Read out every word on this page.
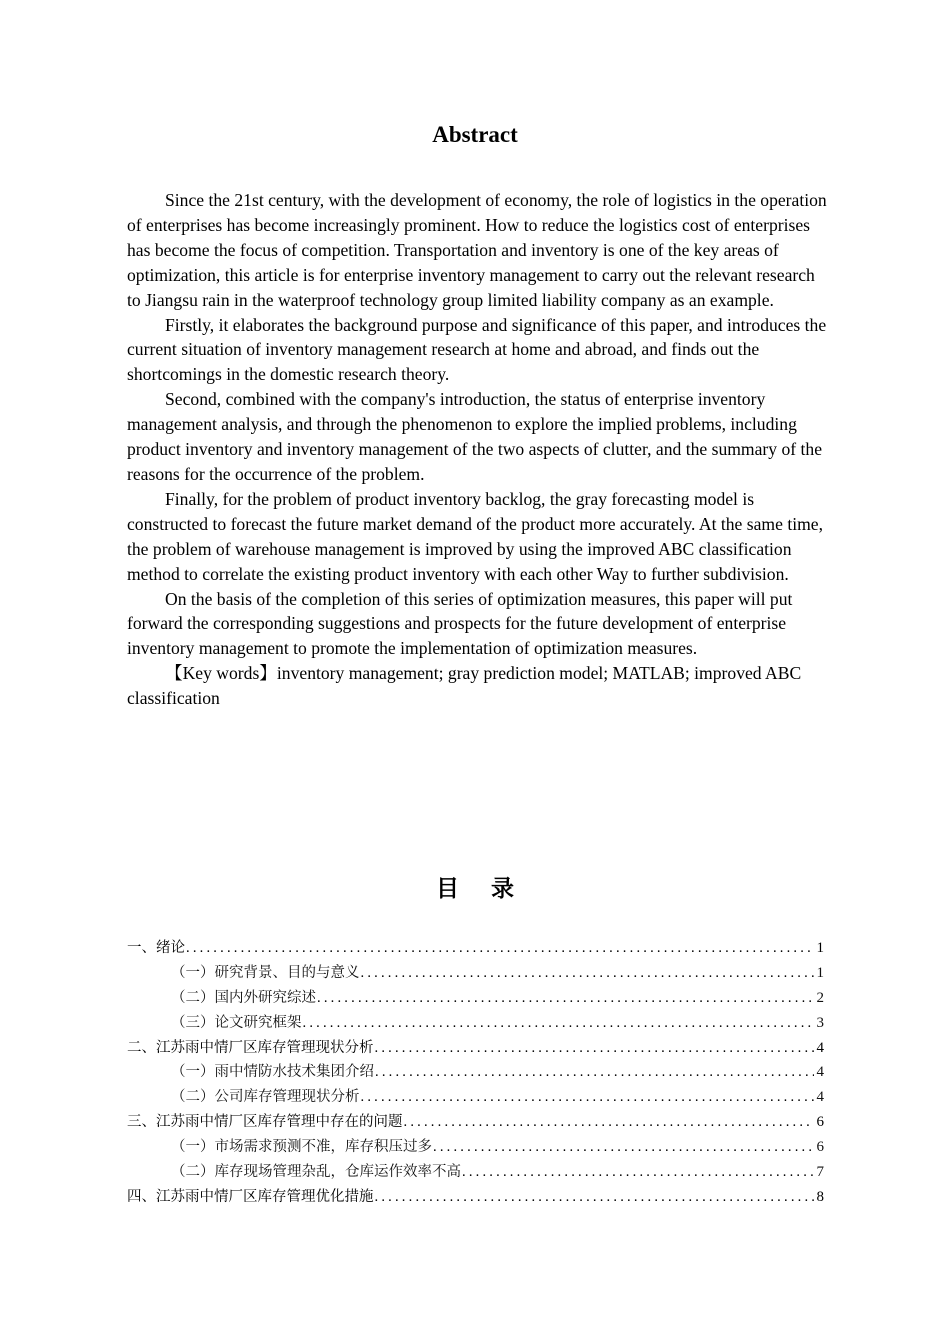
Abstract

Since the 21st century, with the development of economy, the role of logistics in the operation of enterprises has become increasingly prominent. How to reduce the logistics cost of enterprises has become the focus of competition. Transportation and inventory is one of the key areas of optimization, this article is for enterprise inventory management to carry out the relevant research to Jiangsu rain in the waterproof technology group limited liability company as an example.

Firstly, it elaborates the background purpose and significance of this paper, and introduces the current situation of inventory management research at home and abroad, and finds out the shortcomings in the domestic research theory.

Second, combined with the company's introduction, the status of enterprise inventory management analysis, and through the phenomenon to explore the implied problems, including product inventory and inventory management of the two aspects of clutter, and the summary of the reasons for the occurrence of the problem.

Finally, for the problem of product inventory backlog, the gray forecasting model is constructed to forecast the future market demand of the product more accurately. At the same time, the problem of warehouse management is improved by using the improved ABC classification method to correlate the existing product inventory with each other Way to further subdivision.

On the basis of the completion of this series of optimization measures, this paper will put forward the corresponding suggestions and prospects for the future development of enterprise inventory management to promote the implementation of optimization measures.

【Key words】inventory management; gray prediction model; MATLAB; improved ABC classification

目 录
一、绪论 .....	1
（一）研究背景、目的与意义 .....	1
（二）国内外研究综述 .....	2
（三）论文研究框架 .....	3
二、江苏雨中情厂区库存管理现状分析 .....	4
（一）雨中情防水技术集团介绍 .....	4
（二）公司库存管理现状分析 .....	4
三、江苏雨中情厂区库存管理中存在的问题 .....	6
（一）市场需求预测不准，库存积压过多 .....	6
（二）库存现场管理杂乱，仓库运作效率不高 .....	7
四、江苏雨中情厂区库存管理优化措施 .....	8
